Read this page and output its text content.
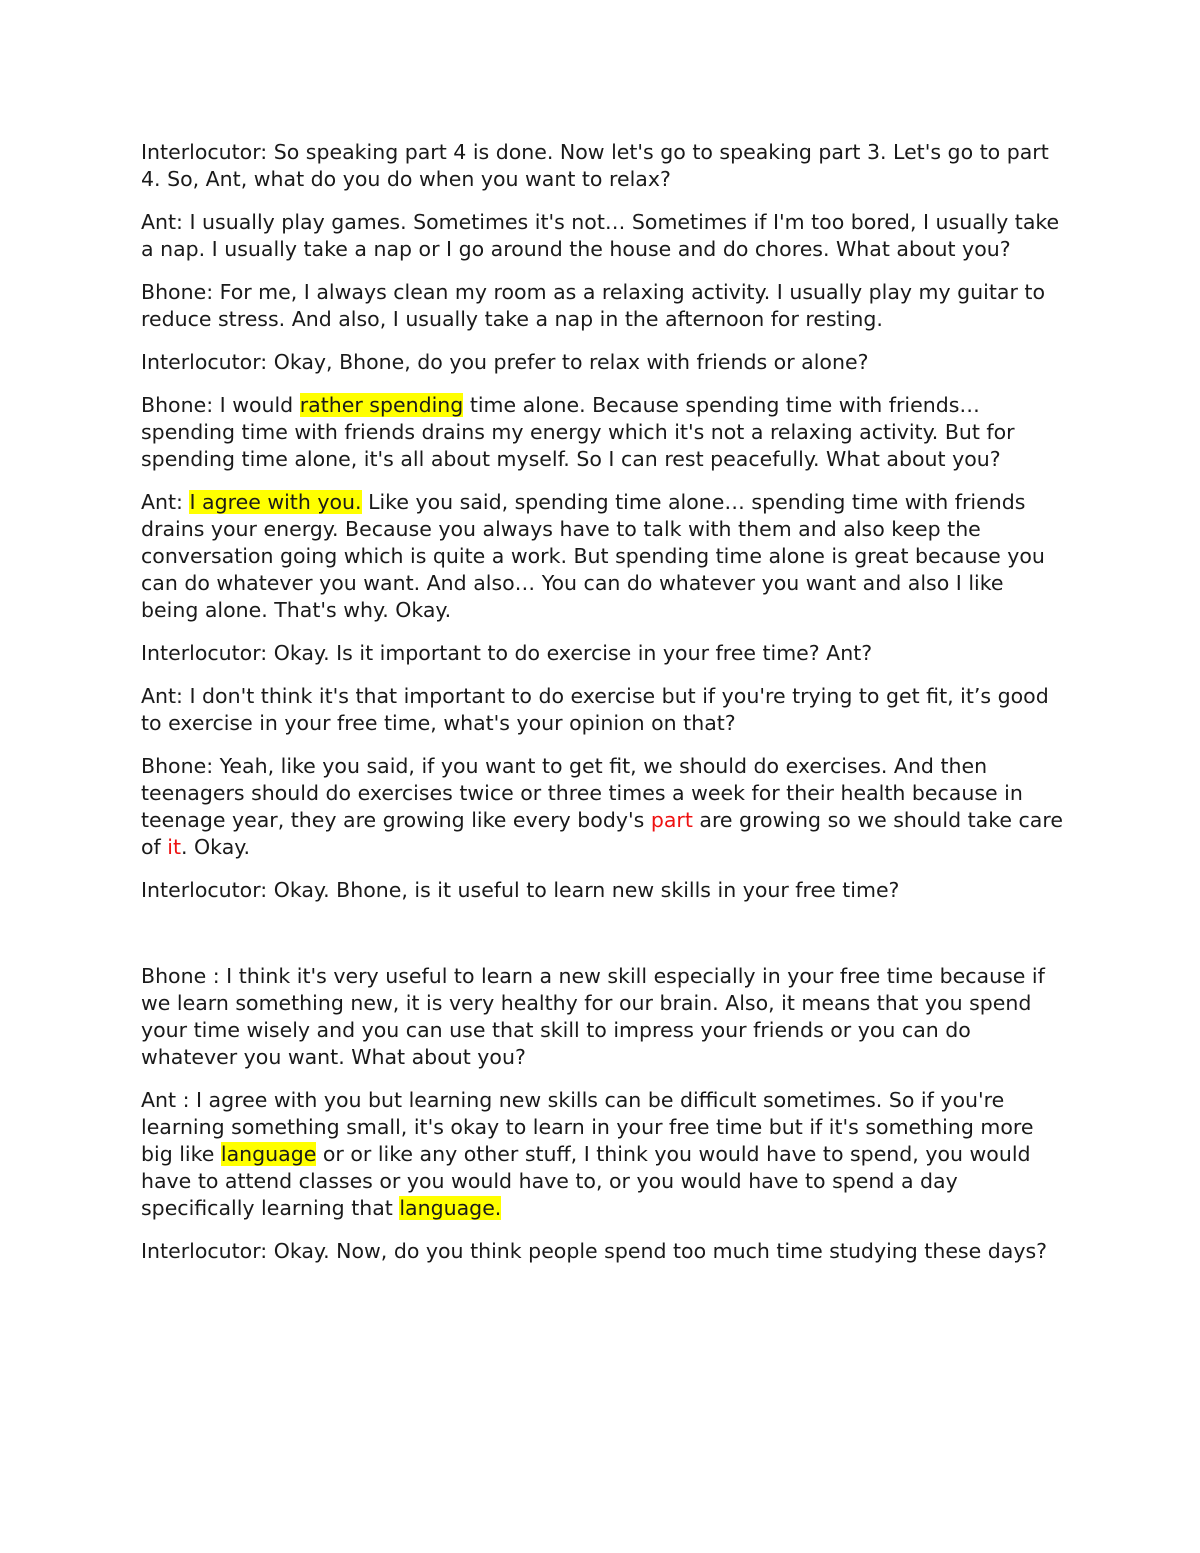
Interlocutor: So speaking part 4 is done. Now let's go to speaking part 3. Let's go to part 4. So, Ant, what do you do when you want to relax?

Ant: I usually play games. Sometimes it's not… Sometimes if I'm too bored, I usually take a nap. I usually take a nap or I go around the house and do chores. What about you?

Bhone: For me, I always clean my room as a relaxing activity. I usually play my guitar to reduce stress. And also, I usually take a nap in the afternoon for resting.

Interlocutor: Okay, Bhone, do you prefer to relax with friends or alone?

Bhone: I would rather spending time alone. Because spending time with friends… spending time with friends drains my energy which it's not a relaxing activity. But for spending time alone, it's all about myself. So I can rest peacefully. What about you?

Ant: I agree with you. Like you said, spending time alone… spending time with friends drains your energy. Because you always have to talk with them and also keep the conversation going which is quite a work. But spending time alone is great because you can do whatever you want. And also… You can do whatever you want and also I like being alone. That's why. Okay.

Interlocutor: Okay. Is it important to do exercise in your free time? Ant?

Ant: I don't think it's that important to do exercise but if you're trying to get fit, it’s good to exercise in your free time, what's your opinion on that?

Bhone: Yeah, like you said, if you want to get fit, we should do exercises. And then teenagers should do exercises twice or three times a week for their health because in teenage year, they are growing like every body's part are growing so we should take care of it. Okay.

Interlocutor: Okay. Bhone, is it useful to learn new skills in your free time?

Bhone : I think it's very useful to learn a new skill especially in your free time because if we learn something new, it is very healthy for our brain. Also, it means that you spend your time wisely and you can use that skill to impress your friends or you can do whatever you want. What about you?

Ant : I agree with you but learning new skills can be difficult sometimes. So if you're learning something small, it's okay to learn in your free time but if it's something more big like language or or like any other stuff, I think you would have to spend, you would have to attend classes or you would have to, or you would have to spend a day specifically learning that language.

Interlocutor: Okay. Now, do you think people spend too much time studying these days?
